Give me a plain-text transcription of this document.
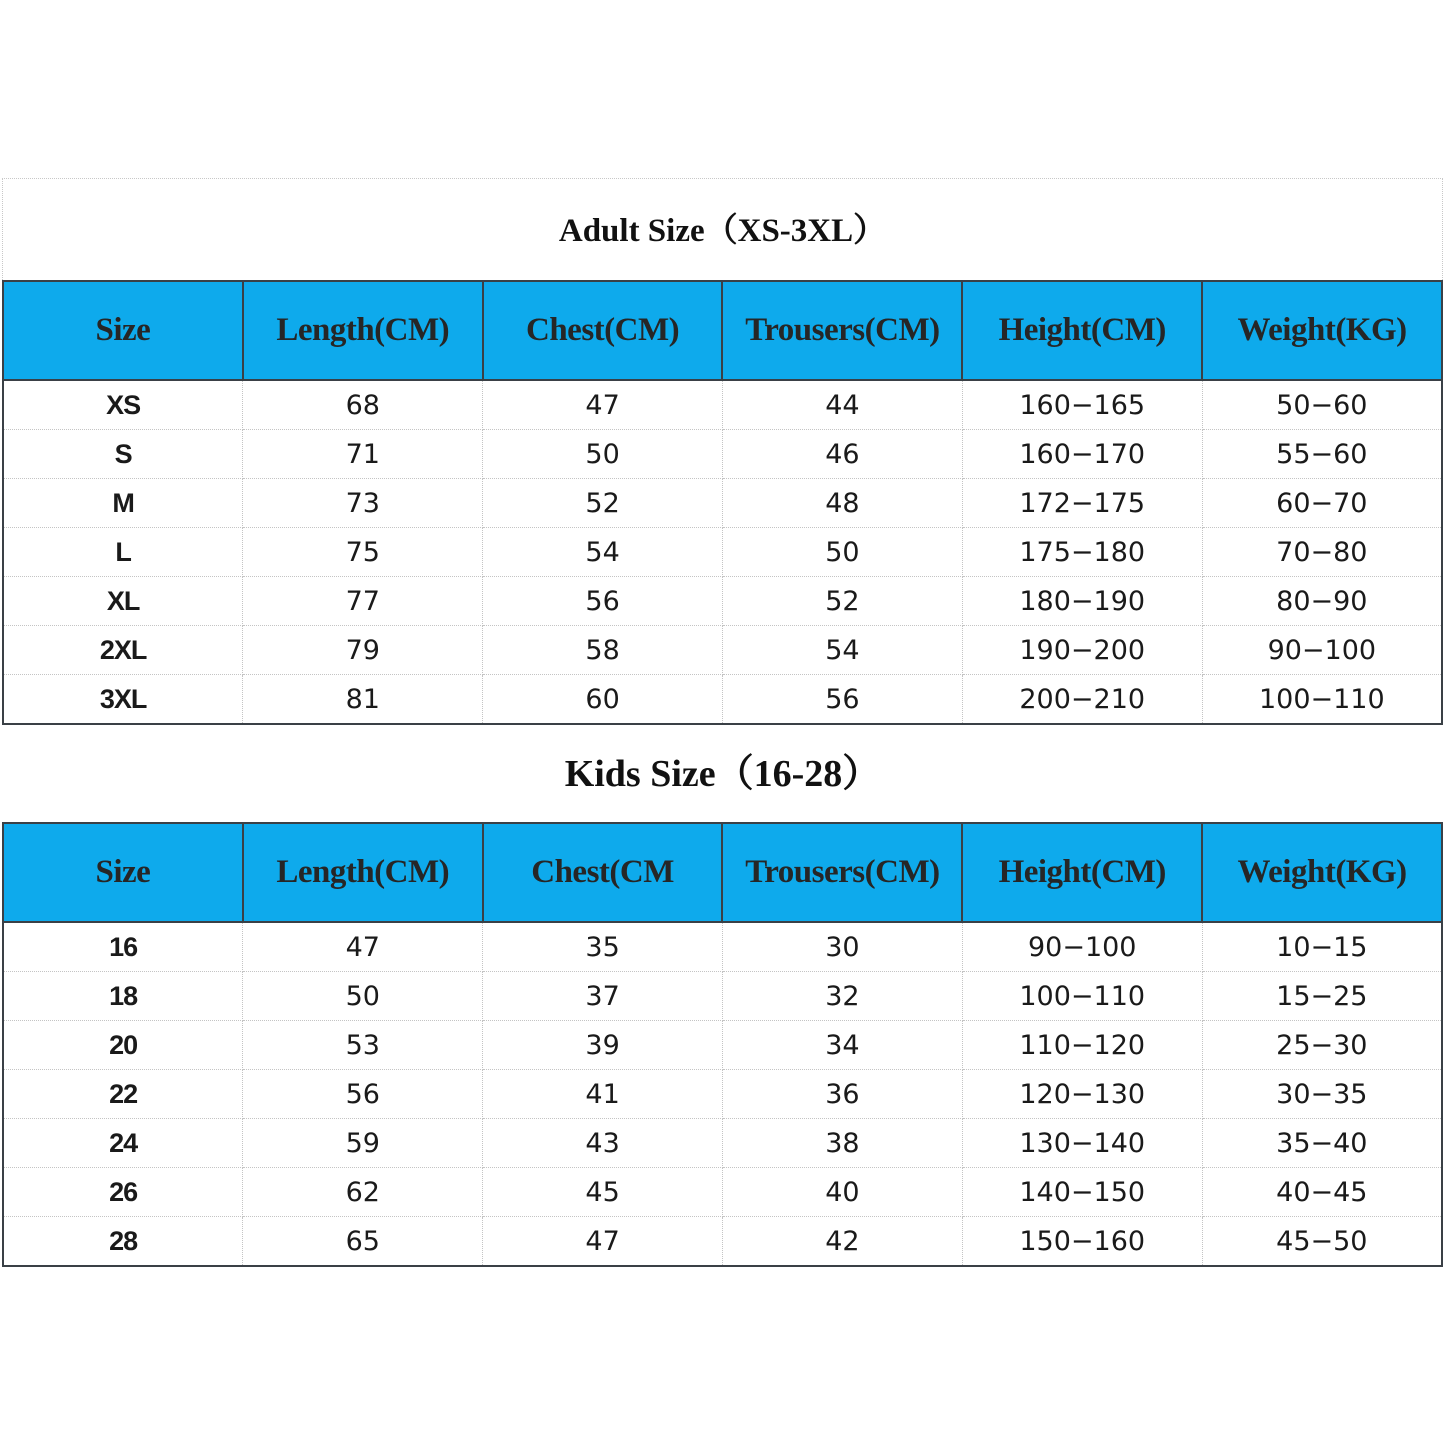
Adult Size（XS-3XL）
Size	Length(CM)	Chest(CM)	Trousers(CM)	Height(CM)	Weight(KG)
XS	68	47	44	160−165	50−60
S	71	50	46	160−170	55−60
M	73	52	48	172−175	60−70
L	75	54	50	175−180	70−80
XL	77	56	52	180−190	80−90
2XL	79	58	54	190−200	90−100
3XL	81	60	56	200−210	100−110
Kids Size（16-28）
Size	Length(CM)	Chest(CM	Trousers(CM)	Height(CM)	Weight(KG)
16	47	35	30	90−100	10−15
18	50	37	32	100−110	15−25
20	53	39	34	110−120	25−30
22	56	41	36	120−130	30−35
24	59	43	38	130−140	35−40
26	62	45	40	140−150	40−45
28	65	47	42	150−160	45−50
